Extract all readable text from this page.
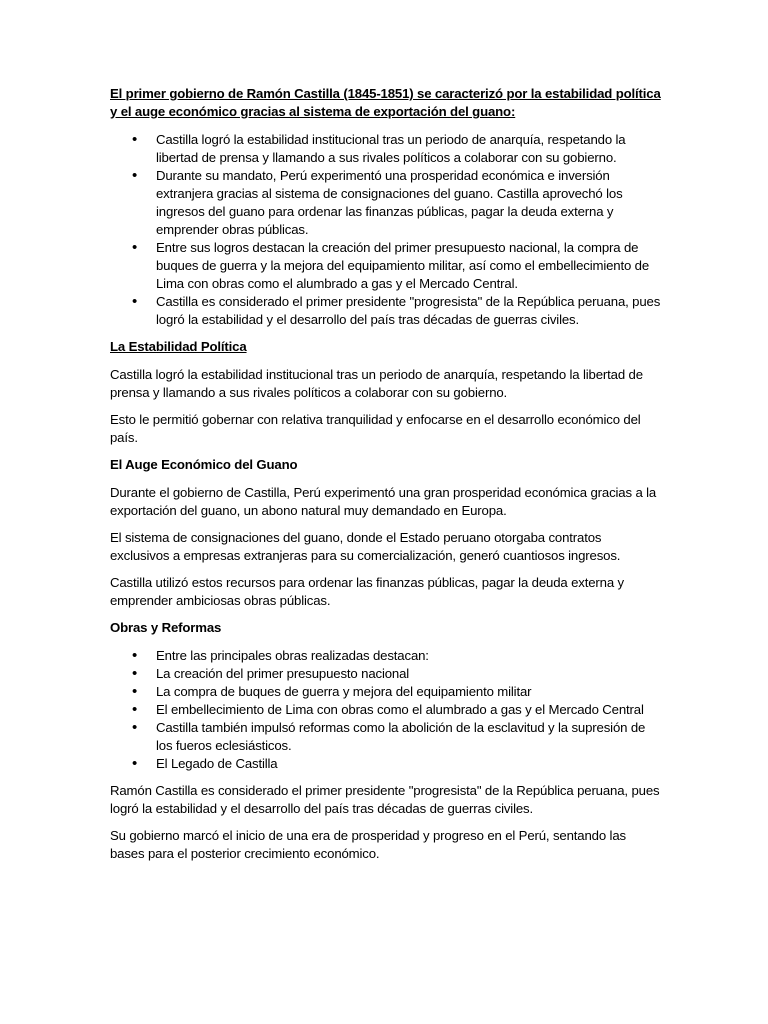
El primer gobierno de Ramón Castilla (1845-1851) se caracterizó por la estabilidad política y el auge económico gracias al sistema de exportación del guano:

• Castilla logró la estabilidad institucional tras un periodo de anarquía, respetando la libertad de prensa y llamando a sus rivales políticos a colaborar con su gobierno.
• Durante su mandato, Perú experimentó una prosperidad económica e inversión extranjera gracias al sistema de consignaciones del guano. Castilla aprovechó los ingresos del guano para ordenar las finanzas públicas, pagar la deuda externa y emprender obras públicas.
• Entre sus logros destacan la creación del primer presupuesto nacional, la compra de buques de guerra y la mejora del equipamiento militar, así como el embellecimiento de Lima con obras como el alumbrado a gas y el Mercado Central.
• Castilla es considerado el primer presidente "progresista" de la República peruana, pues logró la estabilidad y el desarrollo del país tras décadas de guerras civiles.

La Estabilidad Política

Castilla logró la estabilidad institucional tras un periodo de anarquía, respetando la libertad de prensa y llamando a sus rivales políticos a colaborar con su gobierno.

Esto le permitió gobernar con relativa tranquilidad y enfocarse en el desarrollo económico del país.

El Auge Económico del Guano

Durante el gobierno de Castilla, Perú experimentó una gran prosperidad económica gracias a la exportación del guano, un abono natural muy demandado en Europa.

El sistema de consignaciones del guano, donde el Estado peruano otorgaba contratos exclusivos a empresas extranjeras para su comercialización, generó cuantiosos ingresos.

Castilla utilizó estos recursos para ordenar las finanzas públicas, pagar la deuda externa y emprender ambiciosas obras públicas.

Obras y Reformas

• Entre las principales obras realizadas destacan:
• La creación del primer presupuesto nacional
• La compra de buques de guerra y mejora del equipamiento militar
• El embellecimiento de Lima con obras como el alumbrado a gas y el Mercado Central
• Castilla también impulsó reformas como la abolición de la esclavitud y la supresión de los fueros eclesiásticos.
• El Legado de Castilla

Ramón Castilla es considerado el primer presidente "progresista" de la República peruana, pues logró la estabilidad y el desarrollo del país tras décadas de guerras civiles.

Su gobierno marcó el inicio de una era de prosperidad y progreso en el Perú, sentando las bases para el posterior crecimiento económico.
